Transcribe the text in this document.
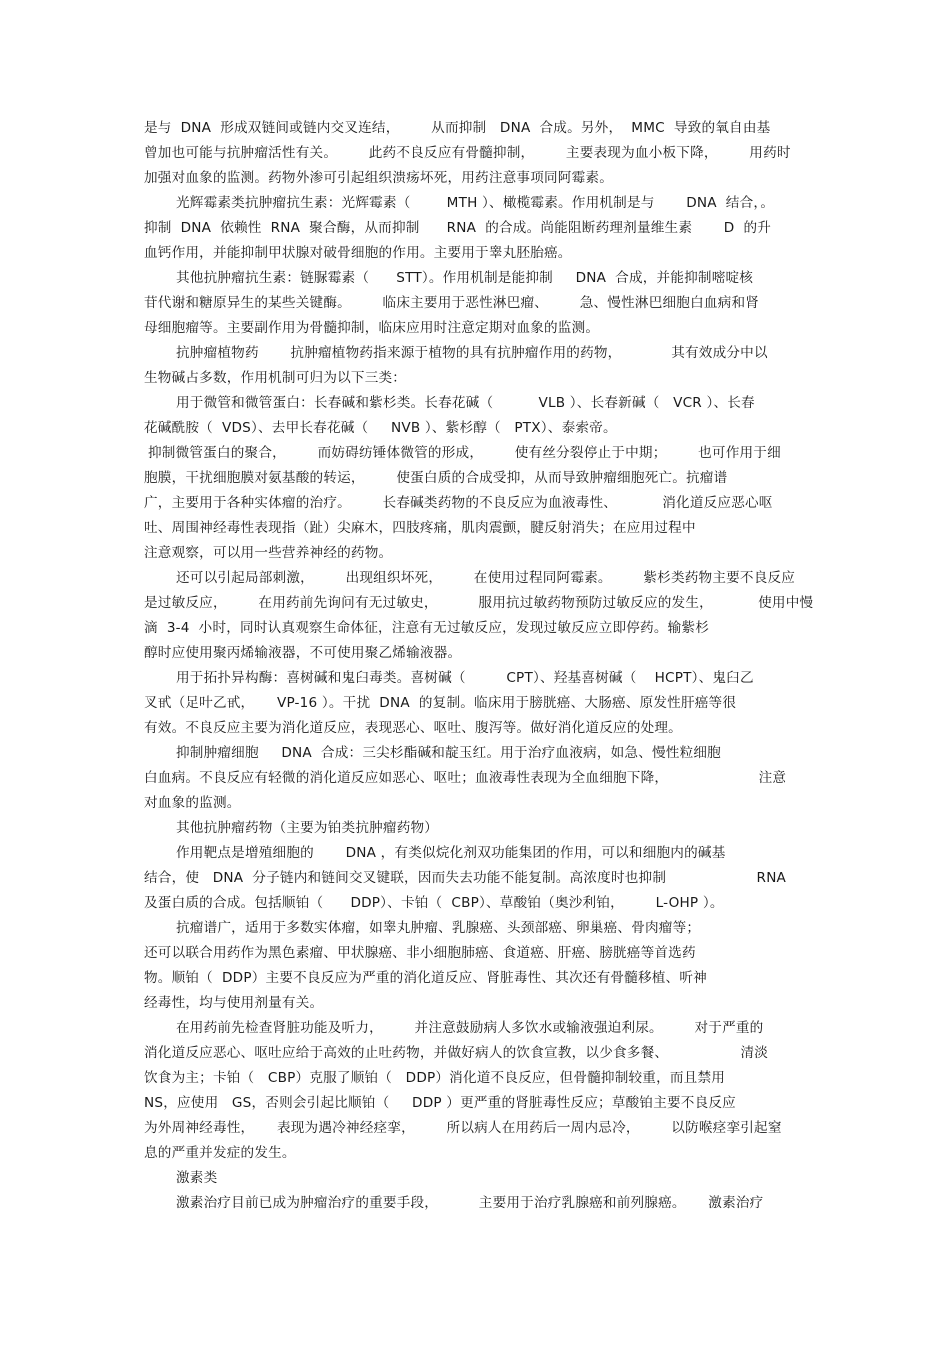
是与  DNA  形成双链间或链内交叉连结，       从而抑制   DNA  合成。另外，  MMC  导致的氧自由基
曾加也可能与抗肿瘤活性有关。       此药不良反应有骨髓抑制，       主要表现为血小板下降，       用药时
加强对血象的监测。药物外渗可引起组织溃疡坏死，用药注意事项同阿霉素。
光辉霉素类抗肿瘤抗生素：光辉霉素（        MTH ）、橄榄霉素。作用机制是与       DNA  结合，。
抑制  DNA  依赖性  RNA  聚合酶，从而抑制      RNA  的合成。尚能阻断药理剂量维生素       D  的升
血钙作用，并能抑制甲状腺对破骨细胞的作用。主要用于睾丸胚胎癌。
其他抗肿瘤抗生素：链脲霉素（      STT）。作用机制是能抑制     DNA  合成，并能抑制嘧啶核
苷代谢和糖原异生的某些关键酶。       临床主要用于恶性淋巴瘤、       急、慢性淋巴细胞白血病和肾
母细胞瘤等。主要副作用为骨髓抑制，临床应用时注意定期对血象的监测。
抗肿瘤植物药       抗肿瘤植物药指来源于植物的具有抗肿瘤作用的药物，           其有效成分中以
生物碱占多数，作用机制可归为以下三类：
用于微管和微管蛋白：长春碱和紫杉类。长春花碱（          VLB ）、长春新碱（   VCR ）、长春
花碱酰胺（  VDS）、去甲长春花碱（     NVB ）、紫杉醇（   PTX）、泰索帝。
抑制微管蛋白的聚合，       而妨碍纺锤体微管的形成，       使有丝分裂停止于中期；       也可作用于细
胞膜，干扰细胞膜对氨基酸的转运，       使蛋白质的合成受抑，从而导致肿瘤细胞死亡。抗瘤谱
广，主要用于各种实体瘤的治疗。       长春碱类药物的不良反应为血液毒性、          消化道反应恶心呕
吐、周围神经毒性表现指（趾）尖麻木，四肢疼痛，肌肉震颤，腱反射消失；在应用过程中
注意观察，可以用一些营养神经的药物。
还可以引起局部刺激，       出现组织坏死，       在使用过程同阿霉素。       紫杉类药物主要不良反应
是过敏反应，       在用药前先询问有无过敏史，         服用抗过敏药物预防过敏反应的发生，          使用中慢
滴  3-4  小时，同时认真观察生命体征，注意有无过敏反应，发现过敏反应立即停药。输紫杉
醇时应使用聚丙烯输液器，不可使用聚乙烯输液器。
用于拓扑异构酶：喜树碱和鬼臼毒类。喜树碱（         CPT）、羟基喜树碱（    HCPT）、鬼臼乙
叉甙（足叶乙甙，     VP-16 ）。干扰  DNA  的复制。临床用于膀胱癌、大肠癌、原发性肝癌等很
有效。不良反应主要为消化道反应，表现恶心、呕吐、腹泻等。做好消化道反应的处理。
抑制肿瘤细胞     DNA  合成：三尖杉酯碱和靛玉红。用于治疗血液病，如急、慢性粒细胞
白血病。不良反应有轻微的消化道反应如恶心、呕吐；血液毒性表现为全血细胞下降，                    注意
对血象的监测。
其他抗肿瘤药物（主要为铂类抗肿瘤药物）
作用靶点是增殖细胞的       DNA ，有类似烷化剂双功能集团的作用，可以和细胞内的碱基
结合，使   DNA  分子链内和链间交叉键联，因而失去功能不能复制。高浓度时也抑制                    RNA
及蛋白质的合成。包括顺铂（      DDP）、卡铂（  CBP）、草酸铂（奥沙利铂，       L-OHP ）。
抗瘤谱广，适用于多数实体瘤，如睾丸肿瘤、乳腺癌、头颈部癌、卵巢癌、骨肉瘤等；
还可以联合用药作为黑色素瘤、甲状腺癌、非小细胞肺癌、食道癌、肝癌、膀胱癌等首选药
物。顺铂（  DDP）主要不良反应为严重的消化道反应、肾脏毒性、其次还有骨髓移植、听神
经毒性，均与使用剂量有关。
在用药前先检查肾脏功能及听力，       并注意鼓励病人多饮水或输液强迫利尿。       对于严重的
消化道反应恶心、呕吐应给于高效的止吐药物，并做好病人的饮食宣教，以少食多餐、                清淡
饮食为主；卡铂（   CBP）克服了顺铂（   DDP）消化道不良反应，但骨髓抑制较重，而且禁用
NS，应使用   GS，否则会引起比顺铂（     DDP ）更严重的肾脏毒性反应；草酸铂主要不良反应
为外周神经毒性，     表现为遇冷神经痉挛，       所以病人在用药后一周内忌冷，       以防喉痉挛引起窒
息的严重并发症的发生。
激素类
激素治疗目前已成为肿瘤治疗的重要手段，         主要用于治疗乳腺癌和前列腺癌。     激素治疗
